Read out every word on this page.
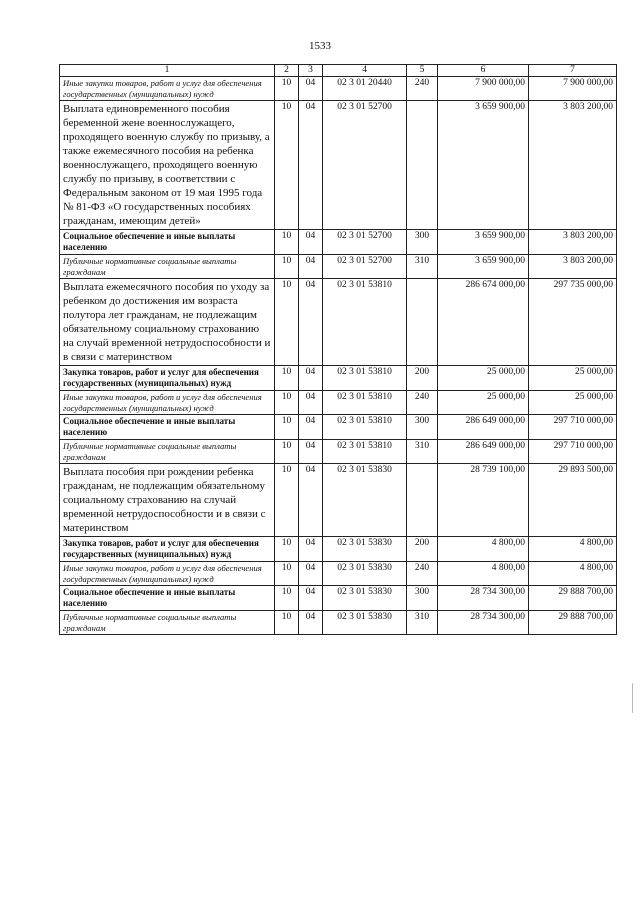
1533
1	2	3	4	5	6	7
Иные закупки товаров, работ и услуг для обеспечения государственных (муниципальных) нужд	10	04	02 3 01 20440	240	7 900 000,00	7 900 000,00
Выплата единовременного пособия беременной жене военнослужащего, проходящего военную службу по призыву, а также ежемесячного пособия на ребенка военнослужащего, проходящего военную службу по призыву, в соответствии с Федеральным законом от 19 мая 1995 года № 81-ФЗ «О государственных пособиях гражданам, имеющим детей»	10	04	02 3 01 52700		3 659 900,00	3 803 200,00
Социальное обеспечение и иные выплаты населению	10	04	02 3 01 52700	300	3 659 900,00	3 803 200,00
Публичные нормативные социальные выплаты гражданам	10	04	02 3 01 52700	310	3 659 900,00	3 803 200,00
Выплата ежемесячного пособия по уходу за ребенком до достижения им возраста полутора лет гражданам, не подлежащим обязательному социальному страхованию на случай временной нетрудоспособности и в связи с материнством	10	04	02 3 01 53810		286 674 000,00	297 735 000,00
Закупка товаров, работ и услуг для обеспечения государственных (муниципальных) нужд	10	04	02 3 01 53810	200	25 000,00	25 000,00
Иные закупки товаров, работ и услуг для обеспечения государственных (муниципальных) нужд	10	04	02 3 01 53810	240	25 000,00	25 000,00
Социальное обеспечение и иные выплаты населению	10	04	02 3 01 53810	300	286 649 000,00	297 710 000,00
Публичные нормативные социальные выплаты гражданам	10	04	02 3 01 53810	310	286 649 000,00	297 710 000,00
Выплата пособия при рождении ребенка гражданам, не подлежащим обязательному социальному страхованию на случай временной нетрудоспособности и в связи с материнством	10	04	02 3 01 53830		28 739 100,00	29 893 500,00
Закупка товаров, работ и услуг для обеспечения государственных (муниципальных) нужд	10	04	02 3 01 53830	200	4 800,00	4 800,00
Иные закупки товаров, работ и услуг для обеспечения государственных (муниципальных) нужд	10	04	02 3 01 53830	240	4 800,00	4 800,00
Социальное обеспечение и иные выплаты населению	10	04	02 3 01 53830	300	28 734 300,00	29 888 700,00
Публичные нормативные социальные выплаты гражданам	10	04	02 3 01 53830	310	28 734 300,00	29 888 700,00
